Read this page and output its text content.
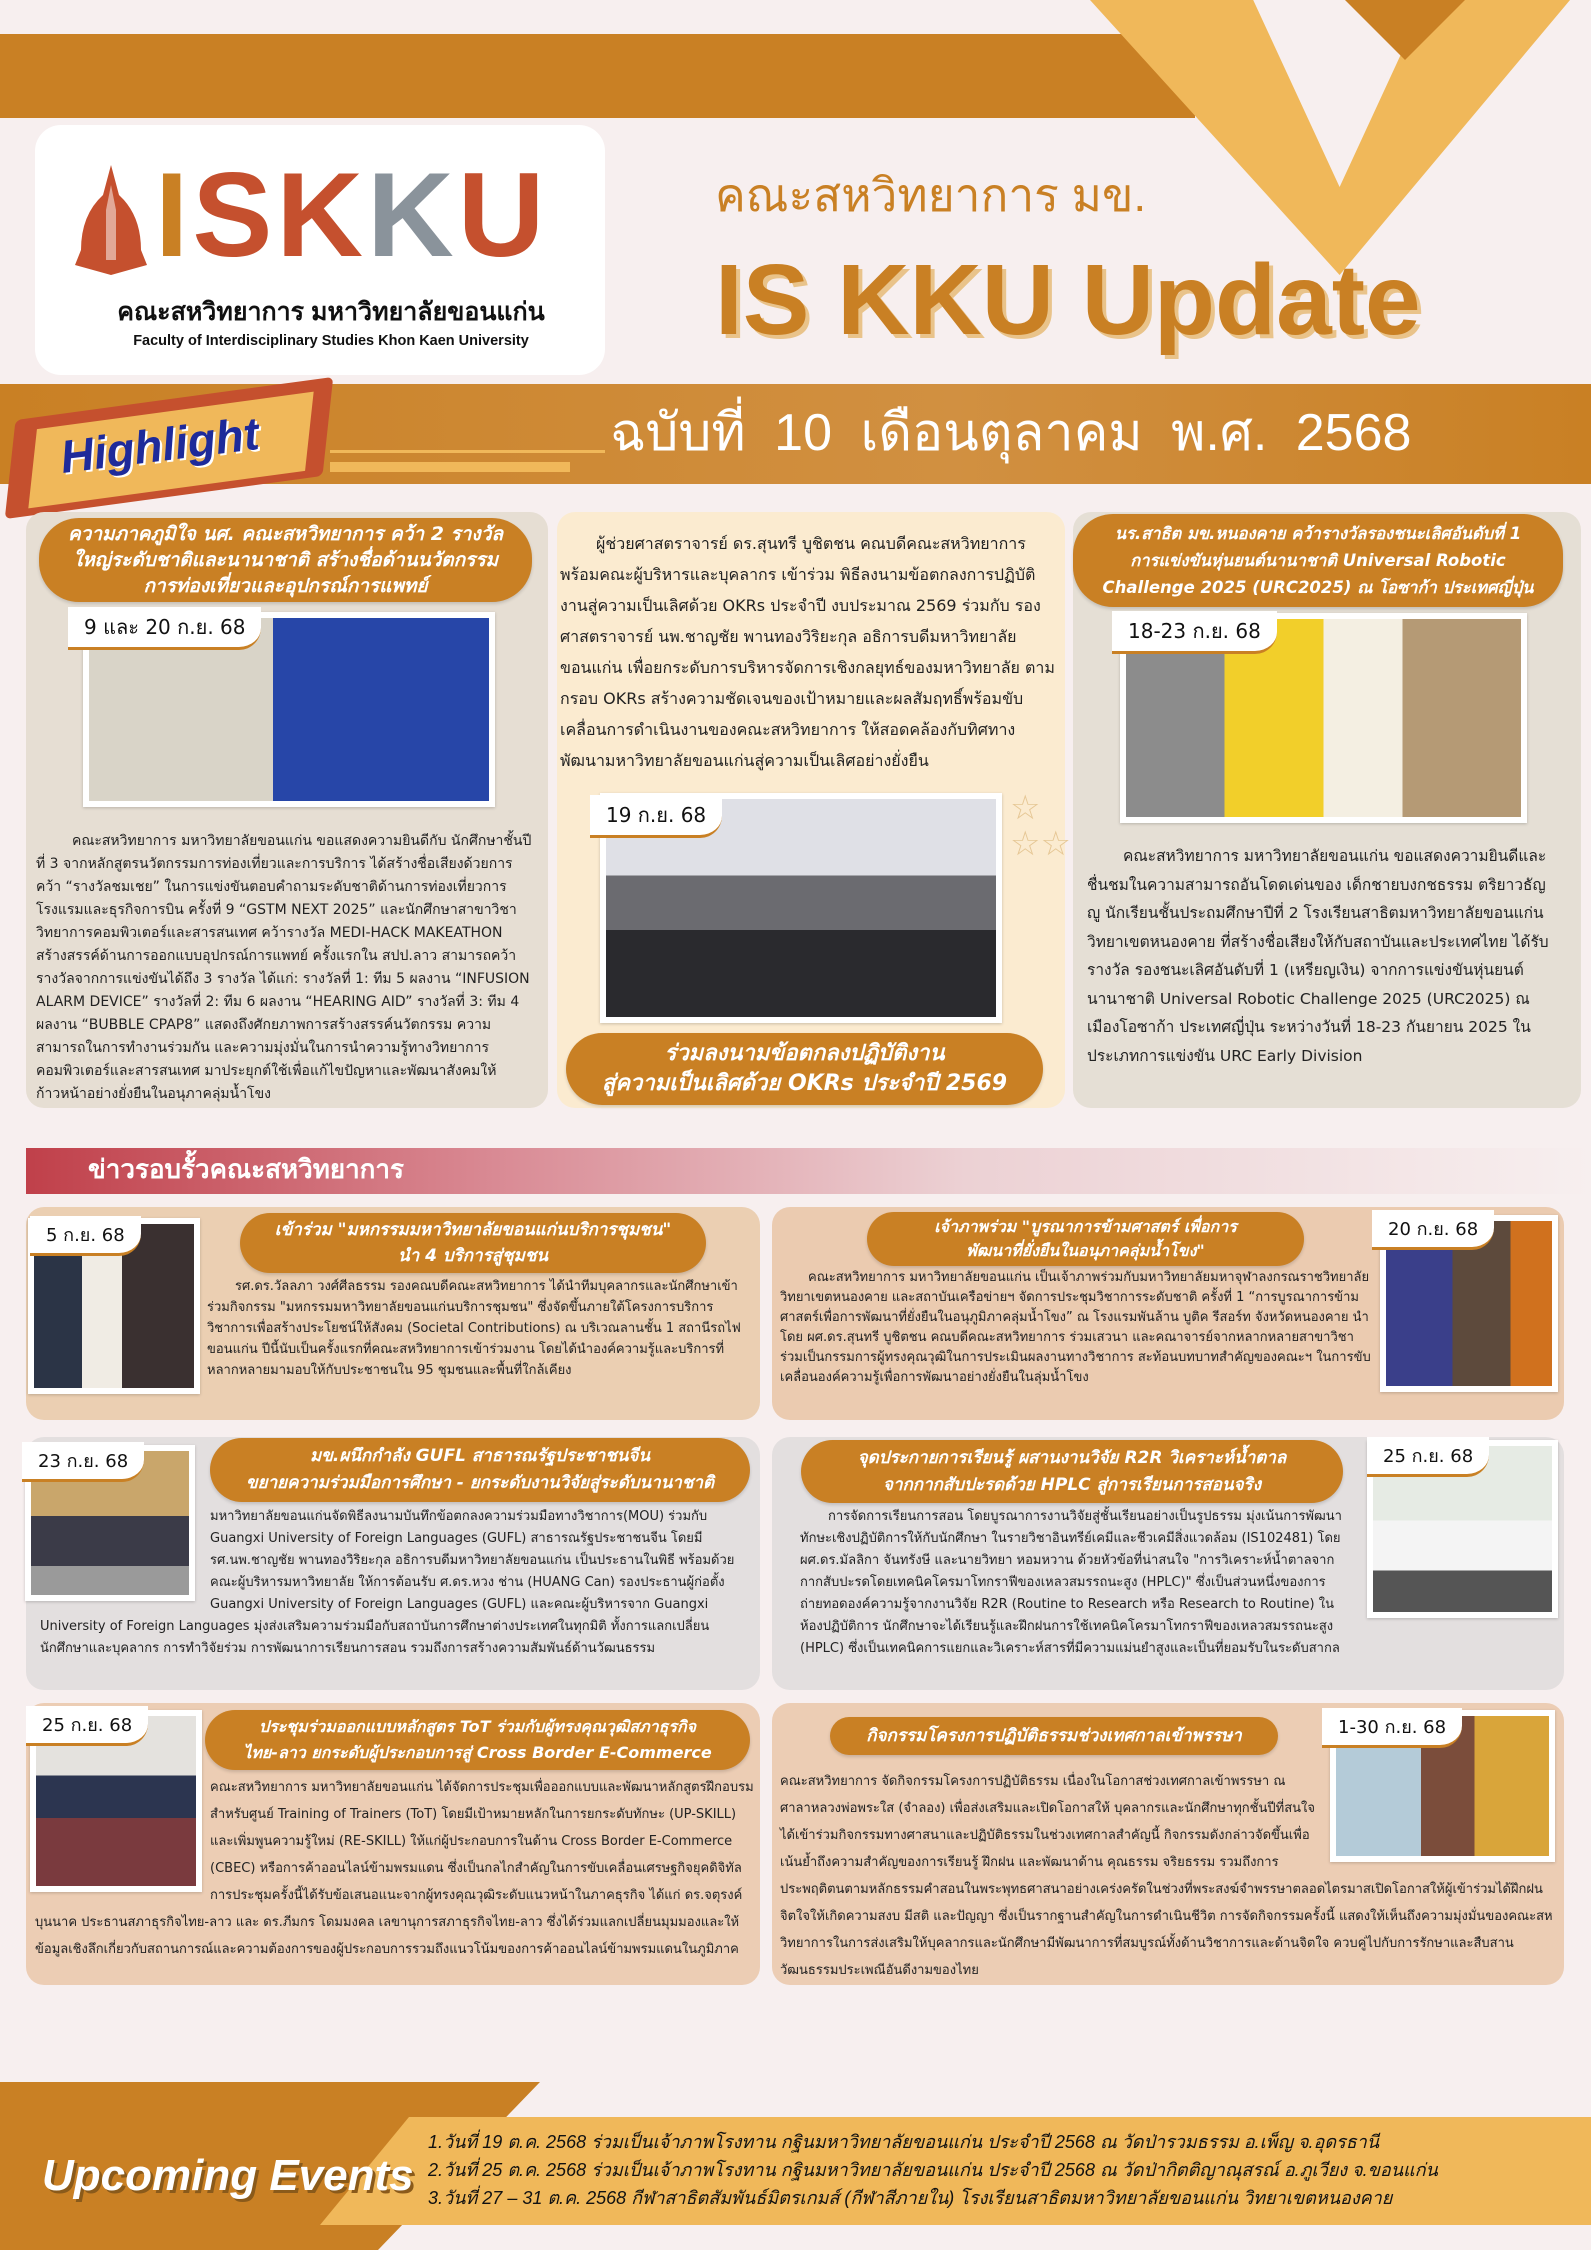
ISKKU
คณะสหวิทยาการ มหาวิทยาลัยขอนแก่น
Faculty of Interdisciplinary Studies Khon Kaen University
คณะสหวิทยาการ มข.
IS KKU Update
ฉบับที่ 10 เดือนตุลาคม พ.ศ. 2568
Highlight
ความภาคภูมิใจ นศ. คณะสหวิทยาการ คว้า 2 รางวัล
ใหญ่ระดับชาติและนานาชาติ สร้างชื่อด้านนวัตกรรม
การท่องเที่ยวและอุปกรณ์การแพทย์
9 และ 20 ก.ย. 68
คณะสหวิทยาการ มหาวิทยาลัยขอนแก่น ขอแสดงความยินดีกับ นักศึกษาชั้นปีที่ 3 จากหลักสูตรนวัตกรรมการท่องเที่ยวและการบริการ ได้สร้างชื่อเสียงด้วยการคว้า “รางวัลชมเชย” ในการแข่งขันตอบคำถามระดับชาติด้านการท่องเที่ยวการโรงแรมและธุรกิจการบิน ครั้งที่ 9 “GSTM NEXT 2025” และนักศึกษาสาขาวิชาวิทยาการคอมพิวเตอร์และสารสนเทศ คว้ารางวัล MEDI-HACK MAKEATHON สร้างสรรค์ด้านการออกแบบอุปกรณ์การแพทย์ ครั้งแรกใน สปป.ลาว สามารถคว้ารางวัลจากการแข่งขันได้ถึง 3 รางวัล ได้แก่: รางวัลที่ 1: ทีม 5 ผลงาน “INFUSION ALARM DEVICE” รางวัลที่ 2: ทีม 6 ผลงาน “HEARING AID” รางวัลที่ 3: ทีม 4 ผลงาน “BUBBLE CPAP8” แสดงถึงศักยภาพการสร้างสรรค์นวัตกรรม ความสามารถในการทำงานร่วมกัน และความมุ่งมั่นในการนำความรู้ทางวิทยาการคอมพิวเตอร์และสารสนเทศ มาประยุกต์ใช้เพื่อแก้ไขปัญหาและพัฒนาสังคมให้ก้าวหน้าอย่างยั่งยืนในอนุภาคลุ่มน้ำโขง
ผู้ช่วยศาสตราจารย์ ดร.สุนทรี บูชิตชน คณบดีคณะสหวิทยาการ พร้อมคณะผู้บริหารและบุคลากร เข้าร่วม พิธีลงนามข้อตกลงการปฏิบัติงานสู่ความเป็นเลิศด้วย OKRs ประจำปี งบประมาณ 2569 ร่วมกับ รองศาสตราจารย์ นพ.ชาญชัย พานทองวิริยะกุล อธิการบดีมหาวิทยาลัยขอนแก่น เพื่อยกระดับการบริหารจัดการเชิงกลยุทธ์ของมหาวิทยาลัย ตามกรอบ OKRs สร้างความชัดเจนของเป้าหมายและผลสัมฤทธิ์พร้อมขับเคลื่อนการดำเนินงานของคณะสหวิทยาการ ให้สอดคล้องกับทิศทางพัฒนามหาวิทยาลัยขอนแก่นสู่ความเป็นเลิศอย่างยั่งยืน
19 ก.ย. 68	☆
☆☆
ร่วมลงนามข้อตกลงปฏิบัติงาน
สู่ความเป็นเลิศด้วย OKRs ประจำปี 2569
นร.สาธิต มข.หนองคาย คว้ารางวัลรองชนะเลิศอันดับที่ 1
การแข่งขันหุ่นยนต์นานาชาติ Universal Robotic
Challenge 2025 (URC2025) ณ โอซาก้า ประเทศญี่ปุ่น
18-23 ก.ย. 68
คณะสหวิทยาการ มหาวิทยาลัยขอนแก่น ขอแสดงความยินดีและชื่นชมในความสามารถอันโดดเด่นของ เด็กชายบงกชธรรม ตริยาวธัญญู นักเรียนชั้นประถมศึกษาปีที่ 2 โรงเรียนสาธิตมหาวิทยาลัยขอนแก่น วิทยาเขตหนองคาย ที่สร้างชื่อเสียงให้กับสถาบันและประเทศไทย ได้รับรางวัล รองชนะเลิศอันดับที่ 1 (เหรียญเงิน) จากการแข่งขันหุ่นยนต์นานาชาติ Universal Robotic Challenge 2025 (URC2025) ณ เมืองโอซาก้า ประเทศญี่ปุ่น ระหว่างวันที่ 18-23 กันยายน 2025 ในประเภทการแข่งขัน URC Early Division
ข่าวรอบรั้วคณะสหวิทยาการ
5 ก.ย. 68	เข้าร่วม "มหกรรมมหาวิทยาลัยขอนแก่นบริการชุมชน"
นำ 4 บริการสู่ชุมชน
รศ.ดร.วัลลภา วงศ์ศีลธรรม รองคณบดีคณะสหวิทยาการ ได้นำทีมบุคลากรและนักศึกษาเข้าร่วมกิจกรรม "มหกรรมมหาวิทยาลัยขอนแก่นบริการชุมชน" ซึ่งจัดขึ้นภายใต้โครงการบริการวิชาการเพื่อสร้างประโยชน์ให้สังคม (Societal Contributions) ณ บริเวณลานชั้น 1 สถานีรถไฟขอนแก่น ปีนี้นับเป็นครั้งแรกที่คณะสหวิทยาการเข้าร่วมงาน โดยได้นำองค์ความรู้และบริการที่หลากหลายมามอบให้กับประชาชนใน 95 ชุมชนและพื้นที่ใกล้เคียง
เจ้าภาพร่วม "บูรณาการข้ามศาสตร์ เพื่อการ
พัฒนาที่ยั่งยืนในอนุภาคลุ่มน้ำโขง"
คณะสหวิทยาการ มหาวิทยาลัยขอนแก่น เป็นเจ้าภาพร่วมกับมหาวิทยาลัยมหาจุฬาลงกรณราชวิทยาลัย วิทยาเขตหนองคาย และสถาบันเครือข่ายฯ จัดการประชุมวิชาการระดับชาติ ครั้งที่ 1 “การบูรณาการข้ามศาสตร์เพื่อการพัฒนาที่ยั่งยืนในอนุภูมิภาคลุ่มน้ำโขง” ณ โรงแรมพันล้าน บูติค รีสอร์ท จังหวัดหนองคาย นำโดย ผศ.ดร.สุนทรี บูชิตชน คณบดีคณะสหวิทยาการ ร่วมเสวนา และคณาจารย์จากหลากหลายสาขาวิชาร่วมเป็นกรรมการผู้ทรงคุณวุฒิในการประเมินผลงานทางวิชาการ สะท้อนบทบาทสำคัญของคณะฯ ในการขับเคลื่อนองค์ความรู้เพื่อการพัฒนาอย่างยั่งยืนในลุ่มน้ำโขง
20 ก.ย. 68
23 ก.ย. 68	มข.ผนึกกำลัง GUFL สาธารณรัฐประชาชนจีน
ขยายความร่วมมือการศึกษา - ยกระดับงานวิจัยสู่ระดับนานาชาติ
มหาวิทยาลัยขอนแก่นจัดพิธีลงนามบันทึกข้อตกลงความร่วมมือทางวิชาการ(MOU) ร่วมกับ Guangxi University of Foreign Languages (GUFL) สาธารณรัฐประชาชนจีน โดยมี รศ.นพ.ชาญชัย พานทองวิริยะกุล อธิการบดีมหาวิทยาลัยขอนแก่น เป็นประธานในพิธี พร้อมด้วยคณะผู้บริหารมหาวิทยาลัย ให้การต้อนรับ ศ.ดร.หวง ช่าน (HUANG Can) รองประธานผู้ก่อตั้ง Guangxi University of Foreign Languages (GUFL) และคณะผู้บริหารจาก Guangxi University of Foreign Languages มุ่งส่งเสริมความร่วมมือกับสถาบันการศึกษาต่างประเทศในทุกมิติ ทั้งการแลกเปลี่ยนนักศึกษาและบุคลากร การทำวิจัยร่วม การพัฒนาการเรียนการสอน รวมถึงการสร้างความสัมพันธ์ด้านวัฒนธรรม
จุดประกายการเรียนรู้ ผสานงานวิจัย R2R วิเคราะห์น้ำตาล
จากกากสับปะรดด้วย HPLC สู่การเรียนการสอนจริง
การจัดการเรียนการสอน โดยบูรณาการงานวิจัยสู่ชั้นเรียนอย่างเป็นรูปธรรม มุ่งเน้นการพัฒนาทักษะเชิงปฏิบัติการให้กับนักศึกษา ในรายวิชาอินทรีย์เคมีและชีวเคมีสิ่งแวดล้อม (IS102481) โดย ผศ.ดร.มัลลิกา จันทรังษี และนายวิทยา หอมหวาน ด้วยหัวข้อที่น่าสนใจ "การวิเคราะห์น้ำตาลจากกากสับปะรดโดยเทคนิคโครมาโทกราฟีของเหลวสมรรถนะสูง (HPLC)" ซึ่งเป็นส่วนหนึ่งของการถ่ายทอดองค์ความรู้จากงานวิจัย R2R (Routine to Research หรือ Research to Routine) ในห้องปฏิบัติการ นักศึกษาจะได้เรียนรู้และฝึกฝนการใช้เทคนิคโครมาโทกราฟีของเหลวสมรรถนะสูง (HPLC) ซึ่งเป็นเทคนิคการแยกและวิเคราะห์สารที่มีความแม่นยำสูงและเป็นที่ยอมรับในระดับสากล
25 ก.ย. 68
25 ก.ย. 68	ประชุมร่วมออกแบบหลักสูตร ToT ร่วมกับผู้ทรงคุณวุฒิสภาธุรกิจ
ไทย-ลาว ยกระดับผู้ประกอบการสู่ Cross Border E-Commerce
คณะสหวิทยาการ มหาวิทยาลัยขอนแก่น ได้จัดการประชุมเพื่อออกแบบและพัฒนาหลักสูตรฝึกอบรมสำหรับศูนย์ Training of Trainers (ToT) โดยมีเป้าหมายหลักในการยกระดับทักษะ (UP-SKILL) และเพิ่มพูนความรู้ใหม่ (RE-SKILL) ให้แก่ผู้ประกอบการในด้าน Cross Border E-Commerce (CBEC) หรือการค้าออนไลน์ข้ามพรมแดน ซึ่งเป็นกลไกสำคัญในการขับเคลื่อนเศรษฐกิจยุคดิจิทัล การประชุมครั้งนี้ได้รับข้อเสนอแนะจากผู้ทรงคุณวุฒิระดับแนวหน้าในภาคธุรกิจ ได้แก่ ดร.จตุรงค์ บุนนาค ประธานสภาธุรกิจไทย-ลาว และ ดร.ภีมกร โดมมงคล เลขานุการสภาธุรกิจไทย-ลาว ซึ่งได้ร่วมแลกเปลี่ยนมุมมองและให้ข้อมูลเชิงลึกเกี่ยวกับสถานการณ์และความต้องการของผู้ประกอบการรวมถึงแนวโน้มของการค้าออนไลน์ข้ามพรมแดนในภูมิภาค
กิจกรรมโครงการปฏิบัติธรรมช่วงเทศกาลเข้าพรรษา
คณะสหวิทยาการ จัดกิจกรรมโครงการปฏิบัติธรรม เนื่องในโอกาสช่วงเทศกาลเข้าพรรษา ณ ศาลาหลวงพ่อพระใส (จำลอง) เพื่อส่งเสริมและเปิดโอกาสให้ บุคลากรและนักศึกษาทุกชั้นปีที่สนใจได้เข้าร่วมกิจกรรมทางศาสนาและปฏิบัติธรรมในช่วงเทศกาลสำคัญนี้ กิจกรรมดังกล่าวจัดขึ้นเพื่อเน้นย้ำถึงความสำคัญของการเรียนรู้ ฝึกฝน และพัฒนาด้าน คุณธรรม จริยธรรม รวมถึงการประพฤติตนตามหลักธรรมคำสอนในพระพุทธศาสนาอย่างเคร่งครัดในช่วงที่พระสงฆ์จำพรรษาตลอดไตรมาสเปิดโอกาสให้ผู้เข้าร่วมได้ฝึกฝนจิตใจให้เกิดความสงบ มีสติ และปัญญา ซึ่งเป็นรากฐานสำคัญในการดำเนินชีวิต การจัดกิจกรรมครั้งนี้ แสดงให้เห็นถึงความมุ่งมั่นของคณะสหวิทยาการในการส่งเสริมให้บุคลากรและนักศึกษามีพัฒนาการที่สมบูรณ์ทั้งด้านวิชาการและด้านจิตใจ ควบคู่ไปกับการรักษาและสืบสานวัฒนธรรมประเพณีอันดีงามของไทย
1-30 ก.ย. 68
Upcoming Events
1.วันที่ 19 ต.ค. 2568 ร่วมเป็นเจ้าภาพโรงทาน กฐินมหาวิทยาลัยขอนแก่น ประจำปี 2568 ณ วัดป่ารวมธรรม อ.เพ็ญ จ.อุดรธานี
2.วันที่ 25 ต.ค. 2568 ร่วมเป็นเจ้าภาพโรงทาน กฐินมหาวิทยาลัยขอนแก่น ประจำปี 2568 ณ วัดป่ากิตติญาณุสรณ์ อ.ภูเวียง จ.ขอนแก่น
3.วันที่ 27 – 31 ต.ค. 2568 กีฬาสาธิตสัมพันธ์มิตรเกมส์ (กีฬาสีภายใน) โรงเรียนสาธิตมหาวิทยาลัยขอนแก่น วิทยาเขตหนองคาย
